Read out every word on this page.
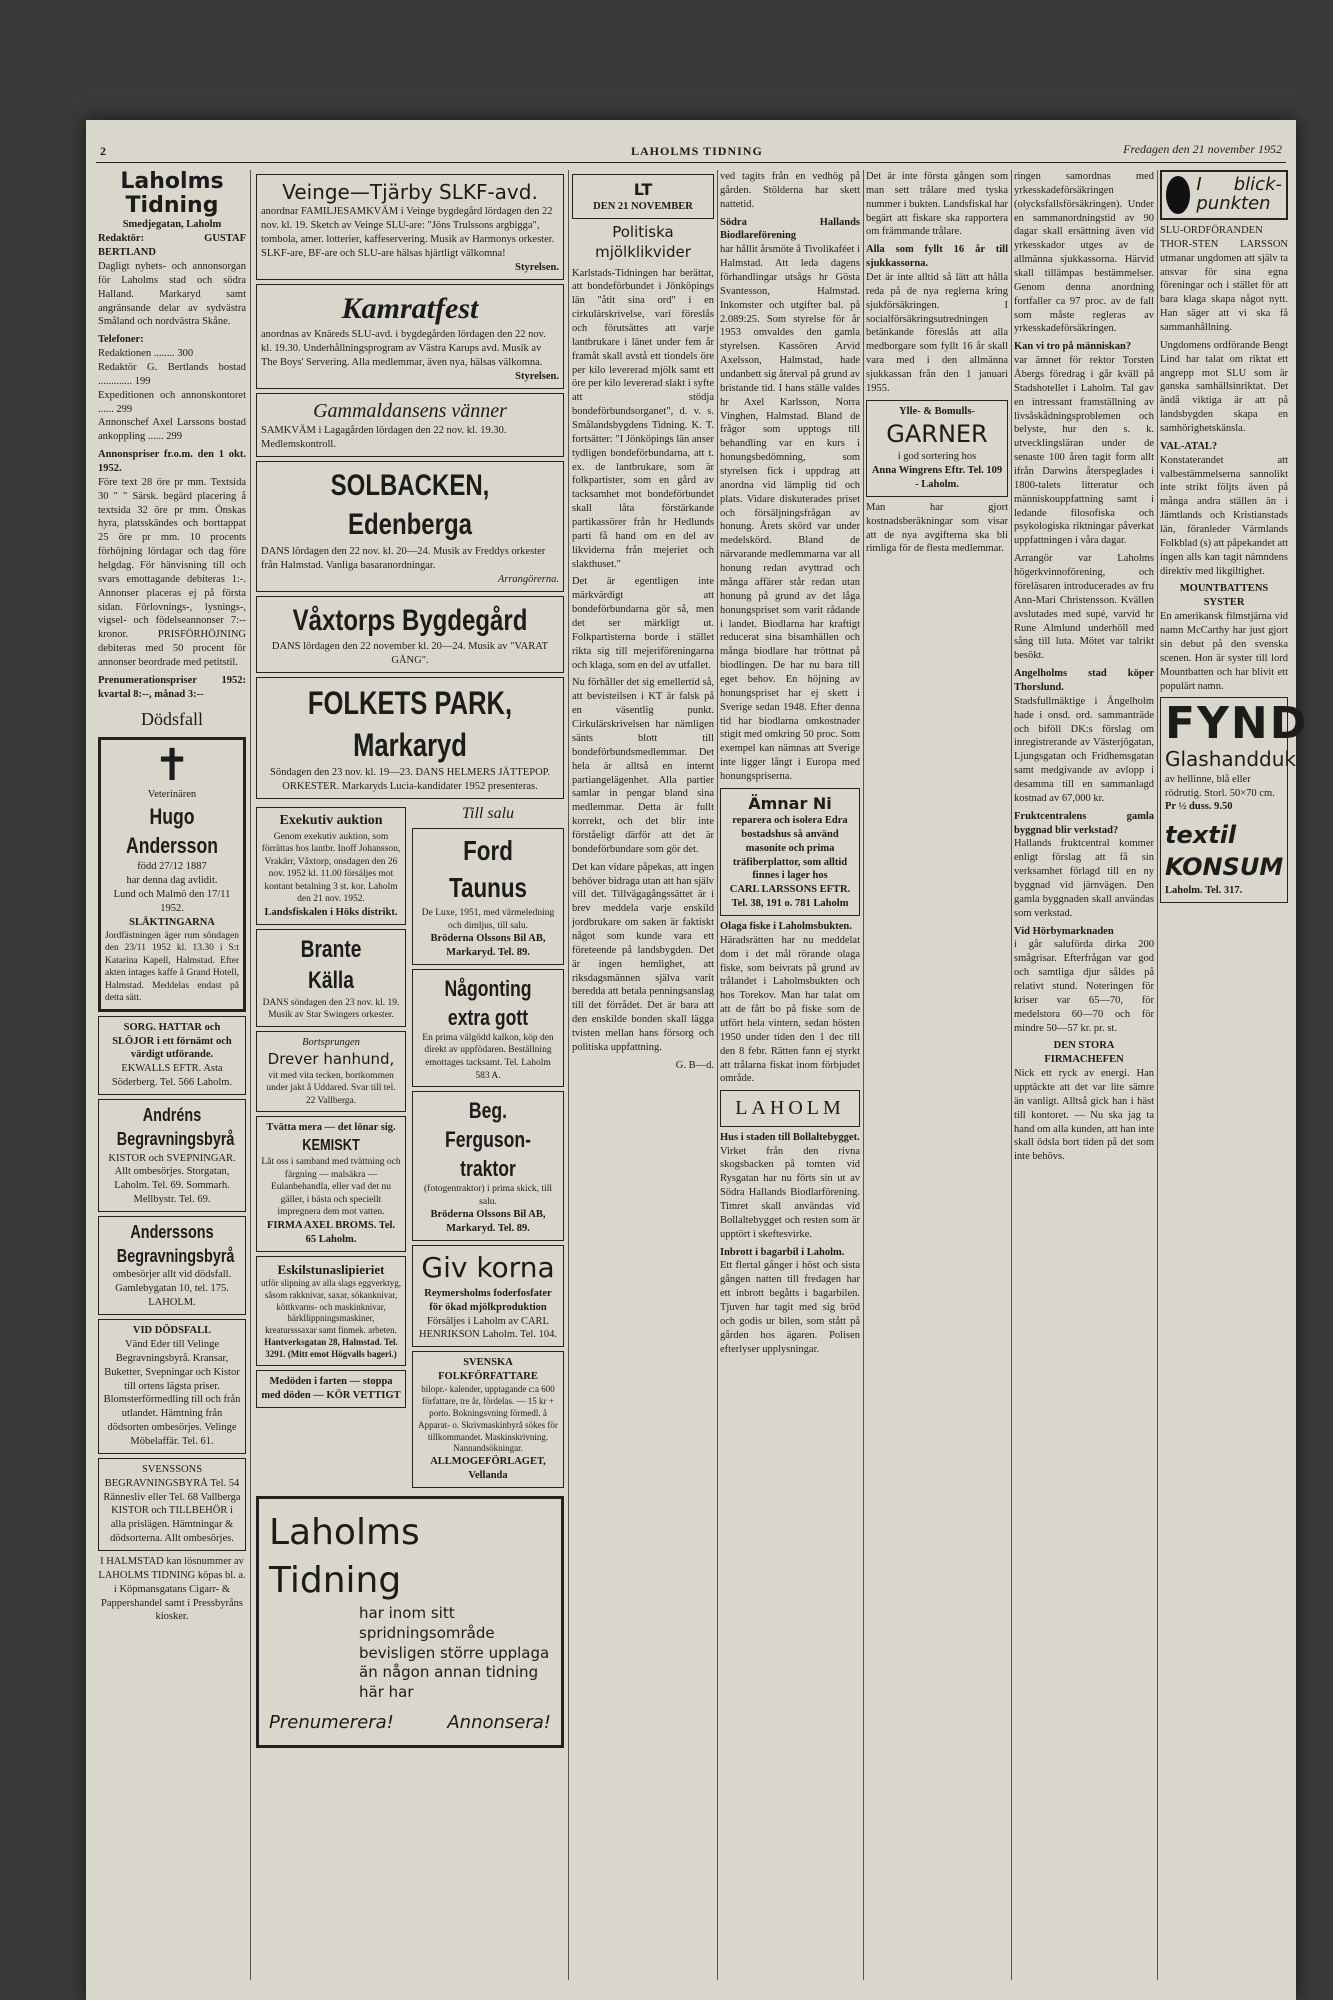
2	LAHOLMS TIDNING	Fredagen den 21 november 1952
Laholms Tidning
Smedjegatan, Laholm
Redaktör: GUSTAF BERTLAND
Dagligt nyhets- och annonsorgan för Laholms stad och södra Halland. Markaryd samt angränsande delar av sydvästra Småland och nordvästra Skåne.
Telefoner:
Redaktionen ........ 300
Redaktör G. Bertlands bostad ............. 199
Expeditionen och annonskontoret ...... 299
Annonschef Axel Larssons bostad ankoppling ...... 299
Annonspriser fr.o.m. den 1 okt. 1952.
Före text 28 öre pr mm. Textsida 30 " " Särsk. begärd placering å textsida 32 öre pr mm. Önskas hyra, platsskändes och borttappat 25 öre pr mm. 10 procents förhöjning lördagar och dag före helgdag. För hänvisning till och svars emottagande debiteras 1:-. Annonser placeras ej på första sidan. Förlovnings-, lysnings-, vigsel- och födelseannonser 7:-- kronor. PRISFÖRHÖJNING debiteras med 50 procent för annonser beordrade med petitstil.
Prenumerationspriser 1952: kvartal 8:--, månad 3:--
Dödsfall
✝
Veterinären
Hugo Andersson
född 27/12 1887
har denna dag avlidit.
Lund och Malmö den 17/11 1952.
SLÄKTINGARNA
Jordfästningen äger rum söndagen den 23/11 1952 kl. 13.30 i S:t Katarina Kapell, Halmstad. Efter akten intages kaffe å Grand Hotell, Halmstad. Meddelas endast på detta sätt.
SORG. HATTAR och SLÖJOR i ett förnämt och värdigt utförande.
EKWALLS EFTR. Asta Söderberg. Tel. 566 Laholm.
Andréns Begravningsbyrå
KISTOR och SVEPNINGAR. Allt ombesörjes. Storgatan, Laholm. Tel. 69. Sommarh. Mellbystr. Tel. 69.
Anderssons Begravningsbyrå
ombesörjer allt vid dödsfall. Gamlebygatan 10, tel. 175. LAHOLM.
VID DÖDSFALL
Vänd Eder till Velinge Begravningsbyrå. Kransar, Buketter, Svepningar och Kistor till ortens lägsta priser. Blomsterförmedling till och från utlandet. Hämtning från dödsorten ombesörjes. Velinge Möbelaffär. Tel. 61.
SVENSSONS BEGRAVNINGSBYRÅ Tel. 54 Rännesliv eller Tel. 68 Vallberga KISTOR och TILLBEHÖR i alla prislägen. Hämtningar & dödsorterna. Allt ombesörjes.
I HALMSTAD kan lösnummer av LAHOLMS TIDNING köpas bl. a. i Köpmansgatans Cigarr- & Pappershandel samt i Pressbyråns kiosker.
Veinge—Tjärby SLKF-avd.
anordnar FAMILJESAMKVÄM i Veinge bygdegård lördagen den 22 nov. kl. 19. Sketch av Veinge SLU-are: "Jöns Trulssons argbigga", tombola, amer. lotterier, kaffeservering. Musik av Harmonys orkester. SLKF-are, BF-are och SLU-are hälsas hjärtligt välkomna!
Styrelsen.
Kamratfest
anordnas av Knäreds SLU-avd. i bygdegården lördagen den 22 nov. kl. 19.30. Underhållningsprogram av Västra Karups avd. Musik av The Boys' Servering. Alla medlemmar, även nya, hälsas välkomna.
Styrelsen.
Gammaldansens vänner
SAMKVÄM i Lagagården lördagen den 22 nov. kl. 19.30. Medlemskontroll.
SOLBACKEN, Edenberga
DANS lördagen den 22 nov. kl. 20—24. Musik av Freddys orkester från Halmstad. Vanliga basaranordningar.
Arrangörerna.
Våxtorps Bygdegård
DANS lördagen den 22 november kl. 20—24. Musik av "VARAT GÅNG".
FOLKETS PARK, Markaryd
Söndagen den 23 nov. kl. 19—23. DANS HELMERS JÄTTEPOP. ORKESTER. Markaryds Lucia-kandidater 1952 presenteras.
Exekutiv auktion
Genom exekutiv auktion, som förrättas hos lantbr. Inoff Johansson, Vrakärr, Våxtorp, onsdagen den 26 nov. 1952 kl. 11.00 försäljes mot kontant betalning 3 st. kor. Laholm den 21 nov. 1952.
Landsfiskalen i Höks distrikt.
Brante Källa
DANS söndagen den 23 nov. kl. 19. Musik av Star Swingers orkester.
Bortsprungen
Drever hanhund,
vit med vita tecken, bortkommen under jakt å Uddared. Svar till tel. 22 Vallberga.
Tvätta mera — det lönar sig.
KEMISKT
Låt oss i samband med tvättning och färgning — malsäkra — Eulanbehandla, eller vad det nu gäller, i bästa och speciellt impregnera dem mot vatten.
FIRMA AXEL BROMS. Tel. 65 Laholm.
Eskilstunaslipieriet
utför slipning av alla slags eggverktyg, såsom rakknivar, saxar, sökanknivar, köttkvarns- och maskinknivar, härkllippningsmaskiner, kreatursssaxar samt finmek. arbeten.
Hantverksgatan 28, Halmstad. Tel. 3291. (Mitt emot Högvalls bageri.)
Medöden i farten — stoppa med döden — KÖR VETTIGT
Till salu
Ford Taunus
De Luxe, 1951, med värmeledning och dimljus, till salu.
Bröderna Olssons Bil AB, Markaryd. Tel. 89.
Någonting extra gott
En prima välgödd kalkon, köp den direkt av uppfödaren. Beställning emottages tacksamt. Tel. Laholm 583 A.
Beg. Ferguson-traktor
(fotogentraktor) i prima skick, till salu.
Bröderna Olssons Bil AB, Markaryd. Tel. 89.
Giv korna
Reymersholms foderfosfater för ökad mjölkproduktion
Försäljes i Laholm av CARL HENRIKSON Laholm. Tel. 104.
SVENSKA FOLKFÖRFATTARE
bilopr.- kalender, upptagande c:a 600 författare, tre år, fördelas. — 15 kr + porto. Bokningsvning förmedl. å Apparat- o. Skrivmaskinbyrå sökes för tillkommandet. Maskinskrivning. Nannandsökningar.
ALLMOGEFÖRLAGET, Vellanda
Laholms
Tidning
har inom sitt spridningsområde bevisligen större upplaga än någon annan tidning här har
Prenumerera!	Annonsera!
LT
DEN 21 NOVEMBER
Politiska mjölklikvider

Karlstads-Tidningen har berättat, att bondeförbundet i Jönköpings län "åtit sina ord" i en cirkulärskrivelse, vari föreslås och förutsättes att varje lantbrukare i länet under fem år framåt skall avstå ett tiondels öre per kilo levererad mjölk samt ett öre per kilo levererad slakt i syfte att stödja bondeförbundsorganet", d. v. s. Smålandsbygdens Tidning. K. T. fortsätter: "I Jönköpings län anser tydligen bondeförbundarna, att t. ex. de lantbrukare, som är folkpartister, som en gård av tacksamhet mot bondeförbundet skall låta förstärkande partikassörer från hr Hedlunds parti få hand om en del av likviderna från mejeriet och slakthuset."

Det är egentligen inte märkvärdigt att bondeförbundarna gör så, men det ser märkligt ut. Folkpartisterna borde i stället rikta sig till mejeriföreningarna och klaga, som en del av utfallet.

Nu förhåller det sig emellertid så, att bevisteilsen i KT är falsk på en väsentlig punkt. Cirkulärskrivelsen har nämligen sänts blott till bondeförbundsmedlemmar. Det hela är alltså en internt partiangelägenhet. Alla partier samlar in pengar bland sina medlemmar. Detta är fullt korrekt, och det blir inte förståeligt därför att det är bondeförbundare som gör det.

Det kan vidare påpekas, att ingen behöver bidraga utan att han själv vill det. Tillvägagångssättet är i brev meddela varje enskild jordbrukare om saken är faktiskt något som kunde vara ett företeende på landsbygden. Det är ingen hemlighet, att riksdagsmännen själva varit beredda att betala penningsanslag till det förrådet. Det är bara att den enskilde bonden skall lägga tvisten mellan hans försorg och politiska uppfattning.

G. B—d.

ved tagits från en vedhög på gården. Stölderna har skett nattetid.

Södra Hallands Biodlareförening

har hållit årsmöte å Tivolikaféet i Halmstad. Att leda dagens förhandlingar utsågs hr Gösta Svantesson, Halmstad. Inkomster och utgifter bal. på 2.089:25. Som styrelse för år 1953 omvaldes den gamla styrelsen. Kassören Arvid Axelsson, Halmstad, hade undanbett sig återval på grund av bristande tid. I hans ställe valdes hr Axel Karlsson, Norra Vinghen, Halmstad. Bland de frågor som upptogs till behandling var en kurs i honungsbedömning, som styrelsen fick i uppdrag att anordna vid lämplig tid och plats. Vidare diskuterades priset och försäljningsfrågan av honung. Årets skörd var under medelskörd. Bland de närvarande medlemmarna var all honung redan avyttrad och många affärer står redan utan honung på grund av det låga honungspriset som varit rådande i landet. Biodlarna har kraftigt reducerat sina bisamhällen och många biodlare har tröttnat på biodlingen. De har nu bara till eget behov. En höjning av honungspriset har ej skett i Sverige sedan 1948. Efter denna tid har biodlarna omkostnader stigit med omkring 50 proc. Som exempel kan nämnas att Sverige inte ligger långt i Europa med honungspriserna.

Ämnar Ni
reparera och isolera Edra bostadshus så använd masonite och prima träfiberplattor, som alltid finnes i lager hos
CARL LARSSONS EFTR. Tel. 38, 191 o. 781 Laholm
Olaga fiske i Laholmsbukten.

Häradsrätten har nu meddelat dom i det mål rörande olaga fiske, som beivrats på grund av trålandet i Laholmsbukten och hos Torekov. Man har talat om att de fått bo på fiske som de utfört hela vintern, sedan hösten 1950 under tiden den 1 dec till den 8 febr. Rätten fann ej styrkt att trålarna fiskat inom förbjudet område.

LAHOLM
Hus i staden till Bollaltebygget.

Virket från den rivna skogsbacken på tomten vid Rysgatan har nu förts sin ut av Södra Hallands Biodlarförening. Timret skall användas vid Bollaltebygget och resten som är upptört i skeftesvirke.

Inbrott i bagarbil i Laholm.

Ett flertal gånger i höst och sista gången natten till fredagen har ett inbrott begåtts i bagarbilen. Tjuven har tagit med sig bröd och godis ur bilen, som stått på gården hos ägaren. Polisen efterlyser upplysningar.

Det är inte första gången som man sett trålare med tyska nummer i bukten. Landsfiskal har begärt att fiskare ska rapportera om främmande trålare.

Alla som fyllt 16 år till sjukkassorna.

Det är inte alltid så lätt att hålla reda på de nya reglerna kring sjukförsäkringen. I socialförsäkringsutredningen betänkande föreslås att alla medborgare som fyllt 16 år skall vara med i den allmänna sjukkassan från den 1 januari 1955.

Ylle- & Bomulls-
GARNER
i god sortering hos
Anna Wingrens Eftr. Tel. 109 - Laholm.

Man har gjort kostnadsberäkningar som visar att de nya avgifterna ska bli rimliga för de flesta medlemmar.

ringen samordnas med yrkesskadeförsäkringen (olycksfallsförsäkringen). Under en sammanordningstid av 90 dagar skall ersättning även vid yrkesskador utges av de allmänna sjukkassorna. Härvid skall tillämpas bestämmelser. Genom denna anordning fortfaller ca 97 proc. av de fall som måste regleras av yrkesskadeförsäkringen.

Kan vi tro på människan?

var ämnet för rektor Torsten Åbergs föredrag i går kväll på Stadshotellet i Laholm. Tal gav en intressant framställning av livsåskådningsproblemen och belyste, hur den s. k. utvecklingsläran under de senaste 100 åren tagit form allt ifrån Darwins återspeglades i 1800-talets litteratur och människouppfattning samt i ledande filosofiska och psykologiska riktningar påverkat uppfattningen i våra dagar.

Arrangör var Laholms högerkvinnoförening, och föreläsaren introducerades av fru Ann-Mari Christensson. Kvällen avslutades med supé, varvid hr Rune Almlund underhöll med sång till luta. Mötet var talrikt besökt.

Angelholms stad köper Thorslund.

Stadsfullmäktige i Ängelholm hade i onsd. ord. sammanträde och biföll DK:s förslag om inregistrerande av Västerjögatan, Ljungsgatan och Fridhemsgatan samt medgivande av avlopp i desamma till en sammanlagd kostnad av 67,000 kr.

Fruktcentralens gamla byggnad blir verkstad?

Hallands fruktcentral kommer enligt förslag att få sin verksamhet förlagd till en ny byggnad vid järnvägen. Den gamla byggnaden skall användas som verkstad.

Vid Hörbymarknaden

i går saluförda dirka 200 smågrisar. Efterfrågan var god och samtliga djur såldes på relativt stund. Noteringen för kriser var 65—70, för medelstora 60—70 och för mindre 50—57 kr. pr. st.

DEN STORA FIRMACHEFEN

Nick ett ryck av energi. Han upptäckte att det var lite sämre än vanligt. Alltså gick han i häst till kontoret. — Nu ska jag ta hand om alla kunden, att han inte skall ödsla bort tiden på det som inte behövs.

I blick-punkten

SLU-ORDFÖRANDEN THOR-STEN LARSSON utmanar ungdomen att själv ta ansvar för sina egna föreningar och i stället för att bara klaga skapa något nytt. Han säger att vi ska få sammanhållning.

Ungdomens ordförande Bengt Lind har talat om riktat ett angrepp mot SLU som är ganska samhällsinriktat. Det ändå viktiga är att på landsbygden skapa en samhörighetskänsla.

VAL-ATAL?

Konstaterandet att valbestämmelserna sannolikt inte strikt följts även på många andra ställen än i Jämtlands och Kristianstads län, föranleder Värmlands Folkblad (s) att påpekandet att ingen alls kan tagit nämndens direktiv med likgiltighet.

MOUNTBATTENS SYSTER

En amerikansk filmstjärna vid namn McCarthy har just gjort sin debut på den svenska scenen. Hon är syster till lord Mountbatten och har blivit ett populärt namn.

FYND
Glashandduk
av hellinne, blå eller rödrutig. Storl. 50×70 cm.
Pr ½ duss. 9.50
textil KONSUM
Laholm. Tel. 317.
